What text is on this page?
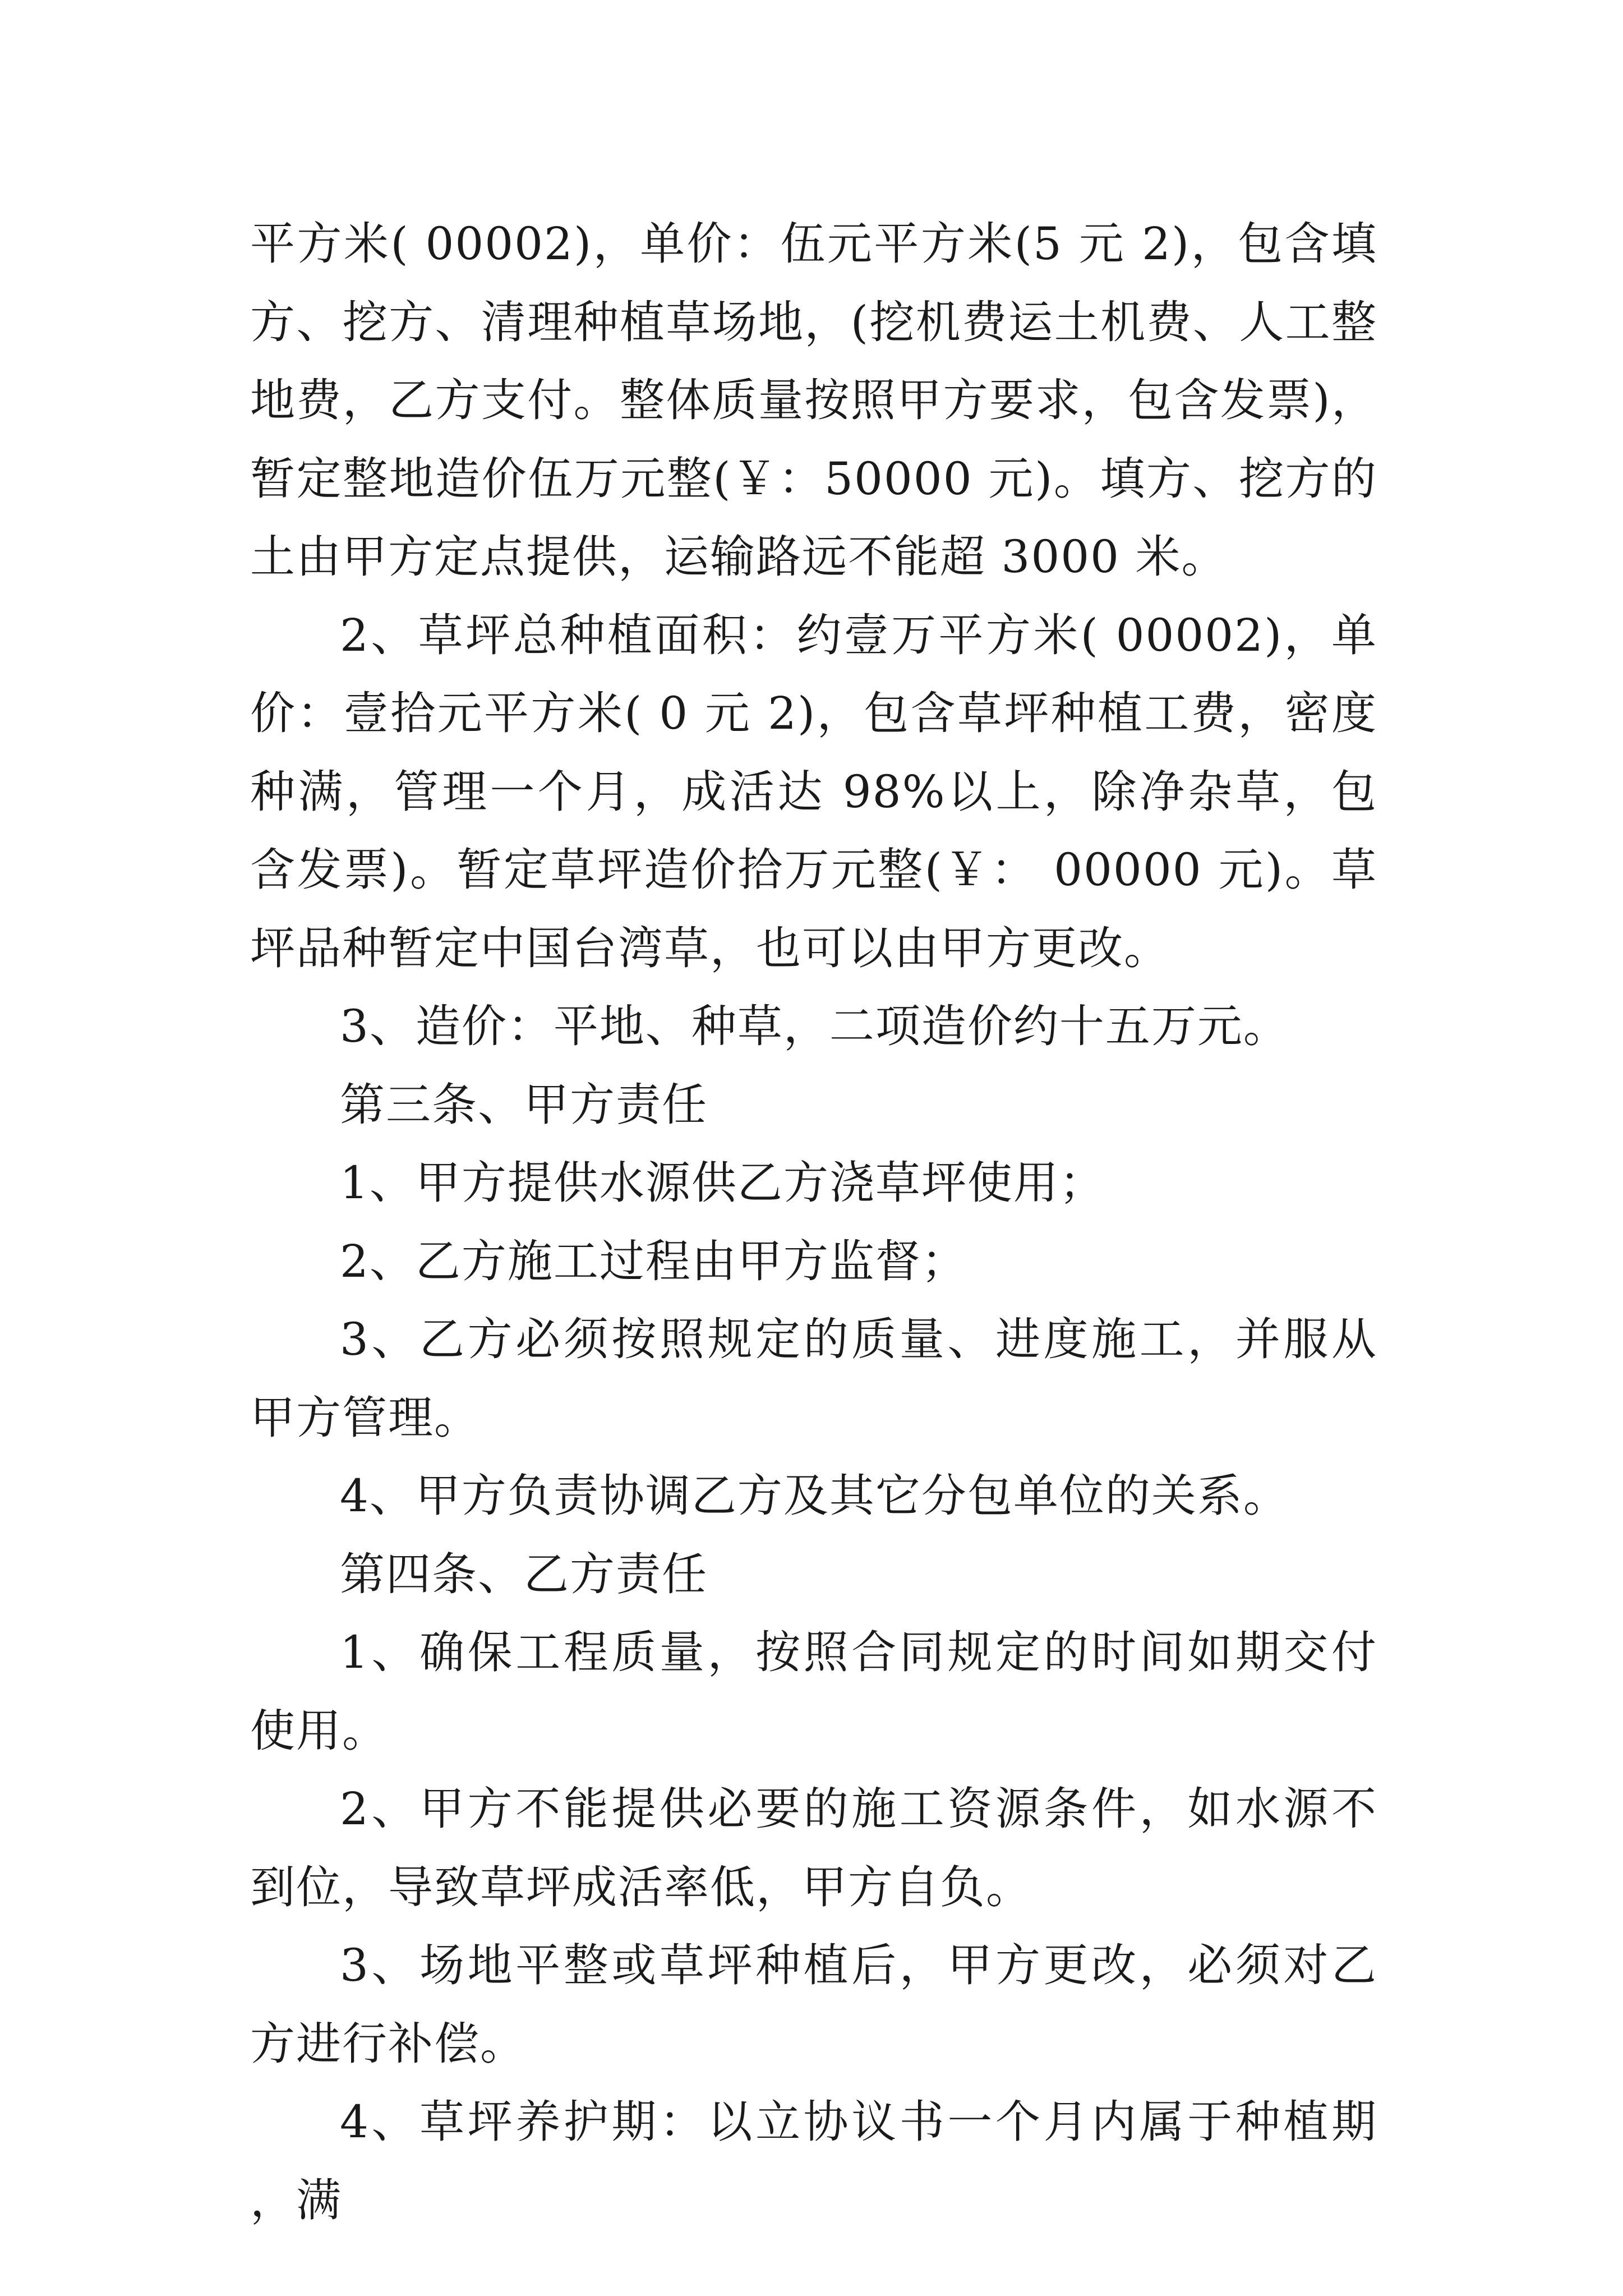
平方米( 00002)，单价：伍元平方米(5 元 2)，包含填方、挖方、清理种植草场地，(挖机费运土机费、人工整地费，乙方支付。整体质量按照甲方要求，包含发票)，暂定整地造价伍万元整(￥：50000 元)。填方、挖方的土由甲方定点提供，运输路远不能超 3000 米。

2、草坪总种植面积：约壹万平方米( 00002)，单价：壹拾元平方米( 0 元 2)，包含草坪种植工费，密度种满，管理一个月，成活达 98%以上，除净杂草，包含发票)。暂定草坪造价拾万元整(￥： 00000 元)。草坪品种暂定中国台湾草，也可以由甲方更改。

3、造价：平地、种草，二项造价约十五万元。

第三条、甲方责任

1、甲方提供水源供乙方浇草坪使用；

2、乙方施工过程由甲方监督；

3、乙方必须按照规定的质量、进度施工，并服从甲方管理。

4、甲方负责协调乙方及其它分包单位的关系。

第四条、乙方责任

1、确保工程质量，按照合同规定的时间如期交付使用。

2、甲方不能提供必要的施工资源条件，如水源不到位，导致草坪成活率低，甲方自负。

3、场地平整或草坪种植后，甲方更改，必须对乙方进行补偿。

4、草坪养护期：以立协议书一个月内属于种植期，满
